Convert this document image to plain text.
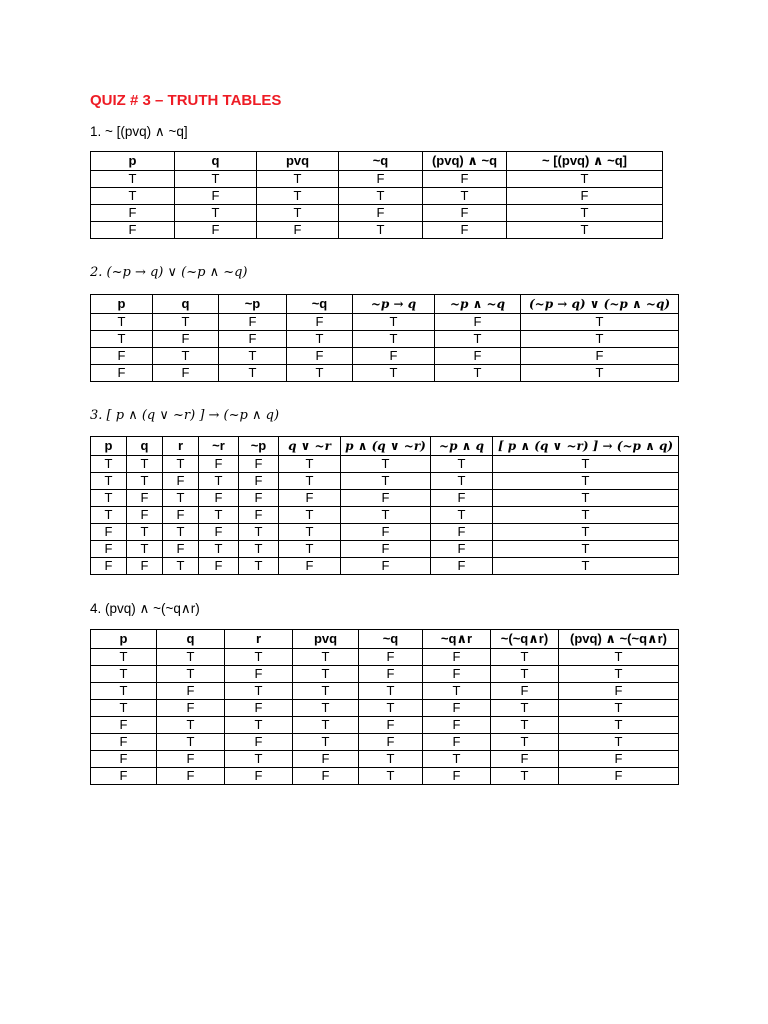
QUIZ # 3 – TRUTH TABLES
1. ~ [(pvq) ∧ ~q]
p	q	pvq	~q	(pvq) ∧ ~q	~ [(pvq) ∧ ~q]
T	T	T	F	F	T
T	F	T	T	T	F
F	T	T	F	F	T
F	F	F	T	F	T
2. (~p → q) ∨ (~p ∧ ~q)
p	q	~p	~q	~p → q	~p ∧ ~q	(~p → q) ∨ (~p ∧ ~q)
T	T	F	F	T	F	T
T	F	F	T	T	T	T
F	T	T	F	F	F	F
F	F	T	T	T	T	T
3. [ p ∧ (q ∨ ~r) ] → (~p ∧ q)
p	q	r	~r	~p	q ∨ ~r	p ∧ (q ∨ ~r)	~p ∧ q	[ p ∧ (q ∨ ~r) ] → (~p ∧ q)
T	T	T	F	F	T	T	T	T
T	T	F	T	F	T	T	T	T
T	F	T	F	F	F	F	F	T
T	F	F	T	F	T	T	T	T
F	T	T	F	T	T	F	F	T
F	T	F	T	T	T	F	F	T
F	F	T	F	T	F	F	F	T
4. (pvq) ∧ ~(~q∧r)
p	q	r	pvq	~q	~q∧r	~(~q∧r)	(pvq) ∧ ~(~q∧r)
T	T	T	T	F	F	T	T
T	T	F	T	F	F	T	T
T	F	T	T	T	T	F	F
T	F	F	T	T	F	T	T
F	T	T	T	F	F	T	T
F	T	F	T	F	F	T	T
F	F	T	F	T	T	F	F
F	F	F	F	T	F	T	F
